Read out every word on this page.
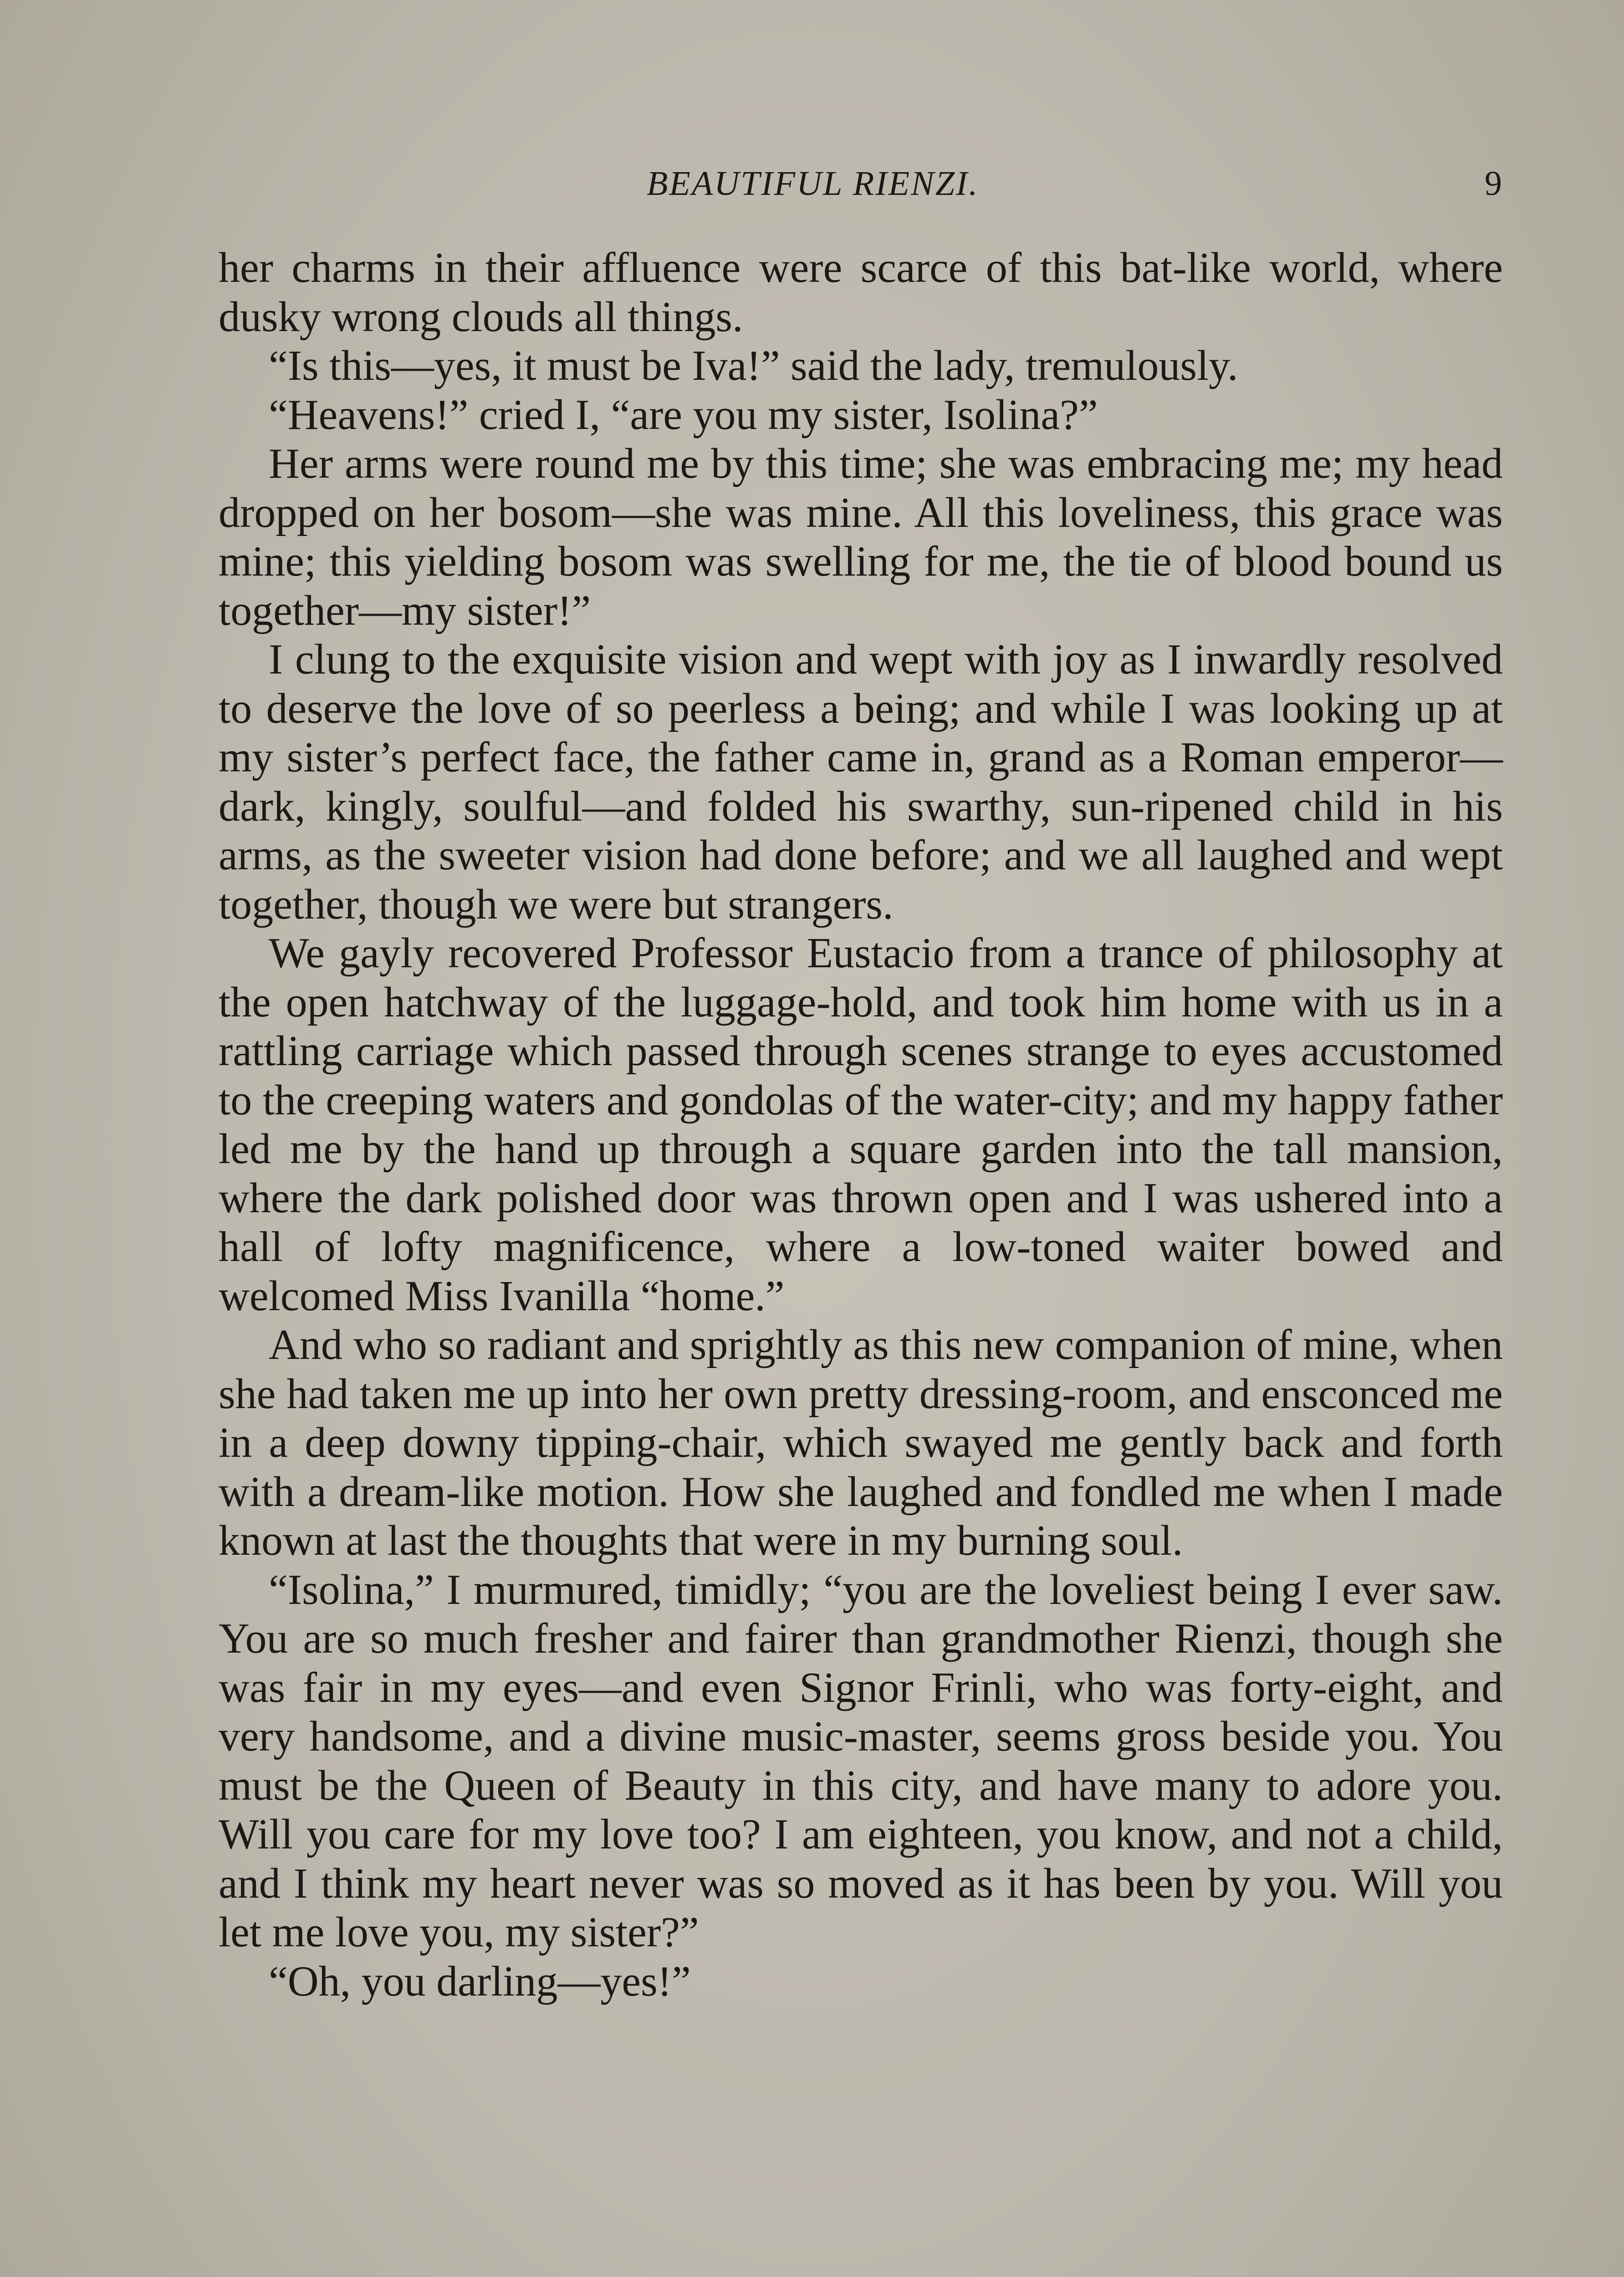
BEAUTIFUL RIENZI.	9

her charms in their affluence were scarce of this bat-like world, where dusky wrong clouds all things.

“Is this—yes, it must be Iva!” said the lady, tremulously.

“Heavens!” cried I, “are you my sister, Isolina?”

Her arms were round me by this time; she was embracing me; my head dropped on her bosom—she was mine. All this loveliness, this grace was mine; this yielding bosom was swelling for me, the tie of blood bound us together—my sister!”

I clung to the exquisite vision and wept with joy as I inwardly resolved to deserve the love of so peerless a being; and while I was looking up at my sister’s perfect face, the father came in, grand as a Roman emperor—dark, kingly, soulful—and folded his swarthy, sun-ripened child in his arms, as the sweeter vision had done before; and we all laughed and wept together, though we were but strangers.

We gayly recovered Professor Eustacio from a trance of philosophy at the open hatchway of the luggage-hold, and took him home with us in a rattling carriage which passed through scenes strange to eyes accustomed to the creeping waters and gondolas of the water-city; and my happy father led me by the hand up through a square garden into the tall mansion, where the dark polished door was thrown open and I was ushered into a hall of lofty magnificence, where a low-toned waiter bowed and welcomed Miss Ivanilla “home.”

And who so radiant and sprightly as this new companion of mine, when she had taken me up into her own pretty dressing-room, and ensconced me in a deep downy tipping-chair, which swayed me gently back and forth with a dream-like motion. How she laughed and fondled me when I made known at last the thoughts that were in my burning soul.

“Isolina,” I murmured, timidly; “you are the loveliest being I ever saw. You are so much fresher and fairer than grandmother Rienzi, though she was fair in my eyes—and even Signor Frinli, who was forty-eight, and very handsome, and a divine music-master, seems gross beside you. You must be the Queen of Beauty in this city, and have many to adore you. Will you care for my love too? I am eighteen, you know, and not a child, and I think my heart never was so moved as it has been by you. Will you let me love you, my sister?”

“Oh, you darling—yes!”
